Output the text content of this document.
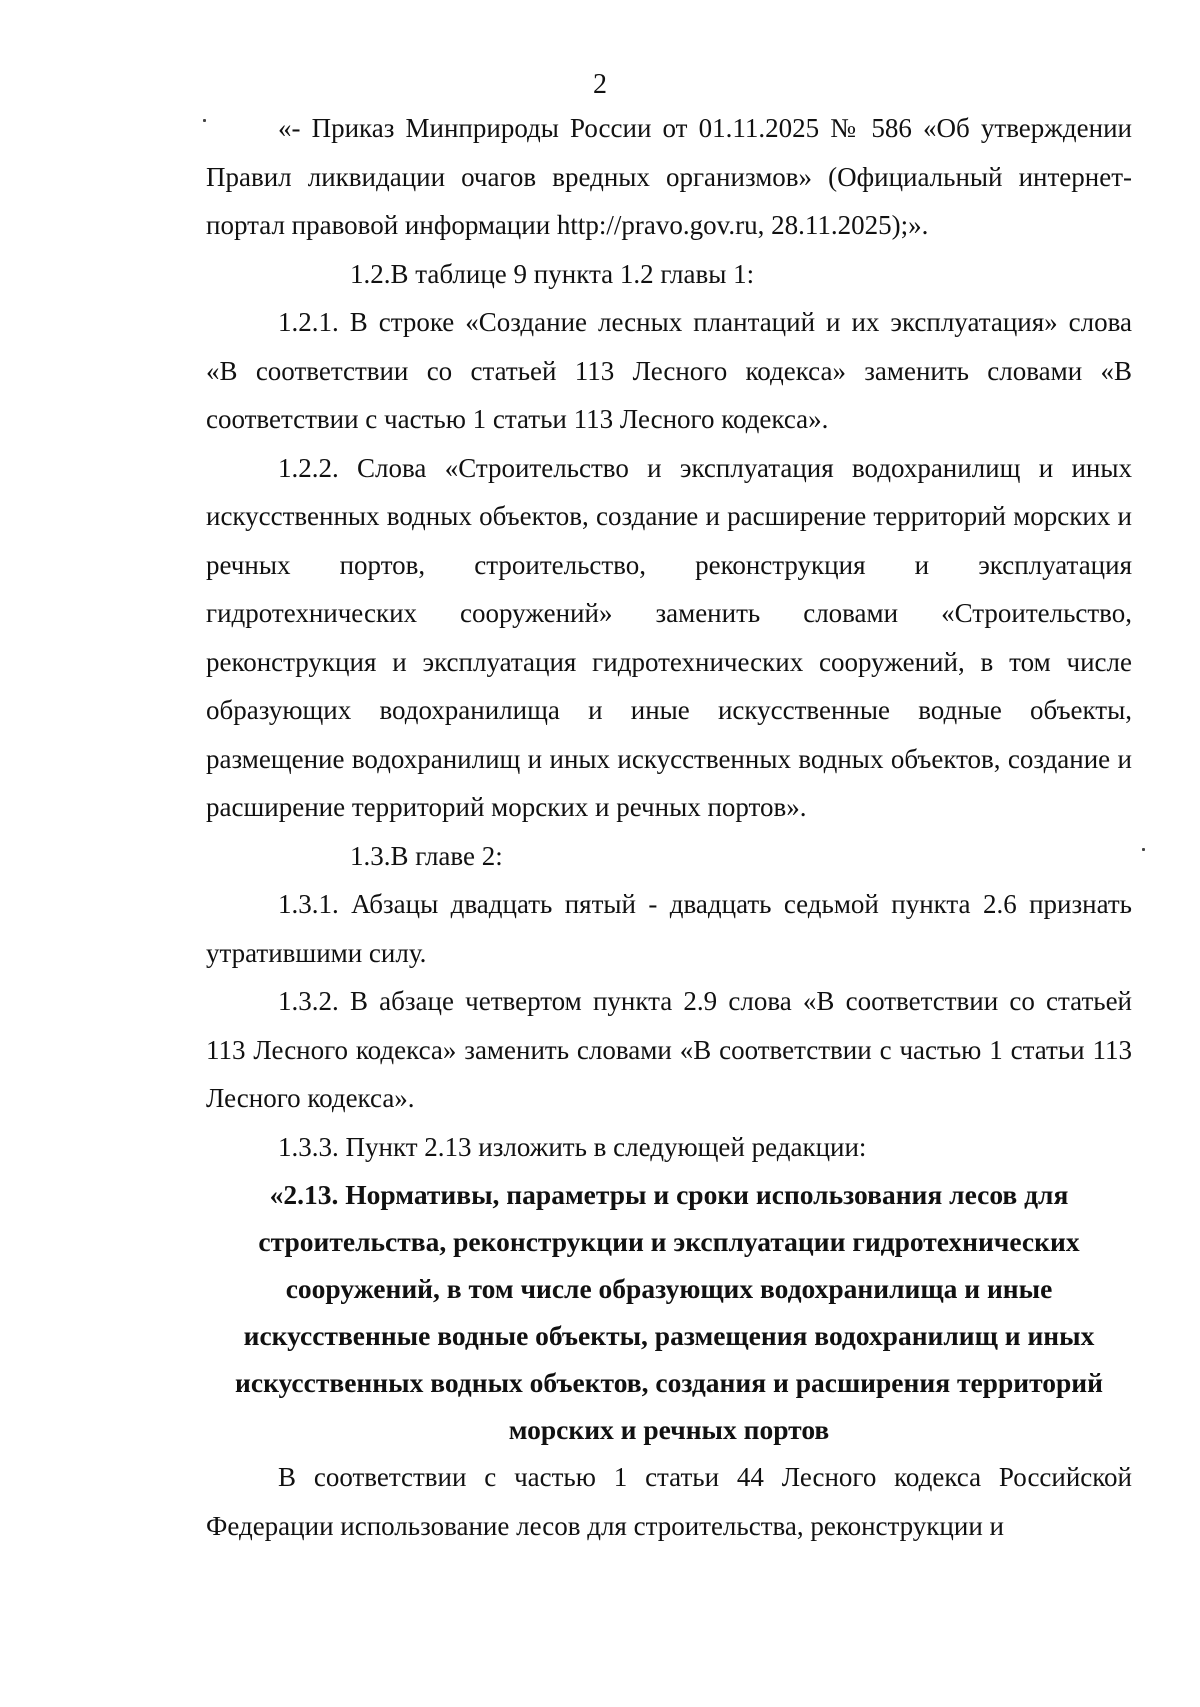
2

«- Приказ Минприроды России от 01.11.2025 № 586 «Об утверждении Правил ликвидации очагов вредных организмов» (Официальный интернет-портал правовой информации http://pravo.gov.ru, 28.11.2025);».

1.2.В таблице 9 пункта 1.2 главы 1:

1.2.1. В строке «Создание лесных плантаций и их эксплуатация» слова «В соответствии со статьей 113 Лесного кодекса» заменить словами «В соответствии с частью 1 статьи 113 Лесного кодекса».

1.2.2. Слова «Строительство и эксплуатация водохранилищ и иных искусственных водных объектов, создание и расширение территорий морских и речных портов, строительство, реконструкция и эксплуатация гидротехнических сооружений» заменить словами «Строительство, реконструкция и эксплуатация гидротехнических сооружений, в том числе образующих водохранилища и иные искусственные водные объекты, размещение водохранилищ и иных искусственных водных объектов, создание и расширение территорий морских и речных портов».

1.3.В главе 2:

1.3.1. Абзацы двадцать пятый - двадцать седьмой пункта 2.6 признать утратившими силу.

1.3.2. В абзаце четвертом пункта 2.9 слова «В соответствии со статьей 113 Лесного кодекса» заменить словами «В соответствии с частью 1 статьи 113 Лесного кодекса».

1.3.3. Пункт 2.13 изложить в следующей редакции:

«2.13. Нормативы, параметры и сроки использования лесов для строительства, реконструкции и эксплуатации гидротехнических сооружений, в том числе образующих водохранилища и иные искусственные водные объекты, размещения водохранилищ и иных искусственных водных объектов, создания и расширения территорий морских и речных портов

В соответствии с частью 1 статьи 44 Лесного кодекса Российской Федерации использование лесов для строительства, реконструкции и
